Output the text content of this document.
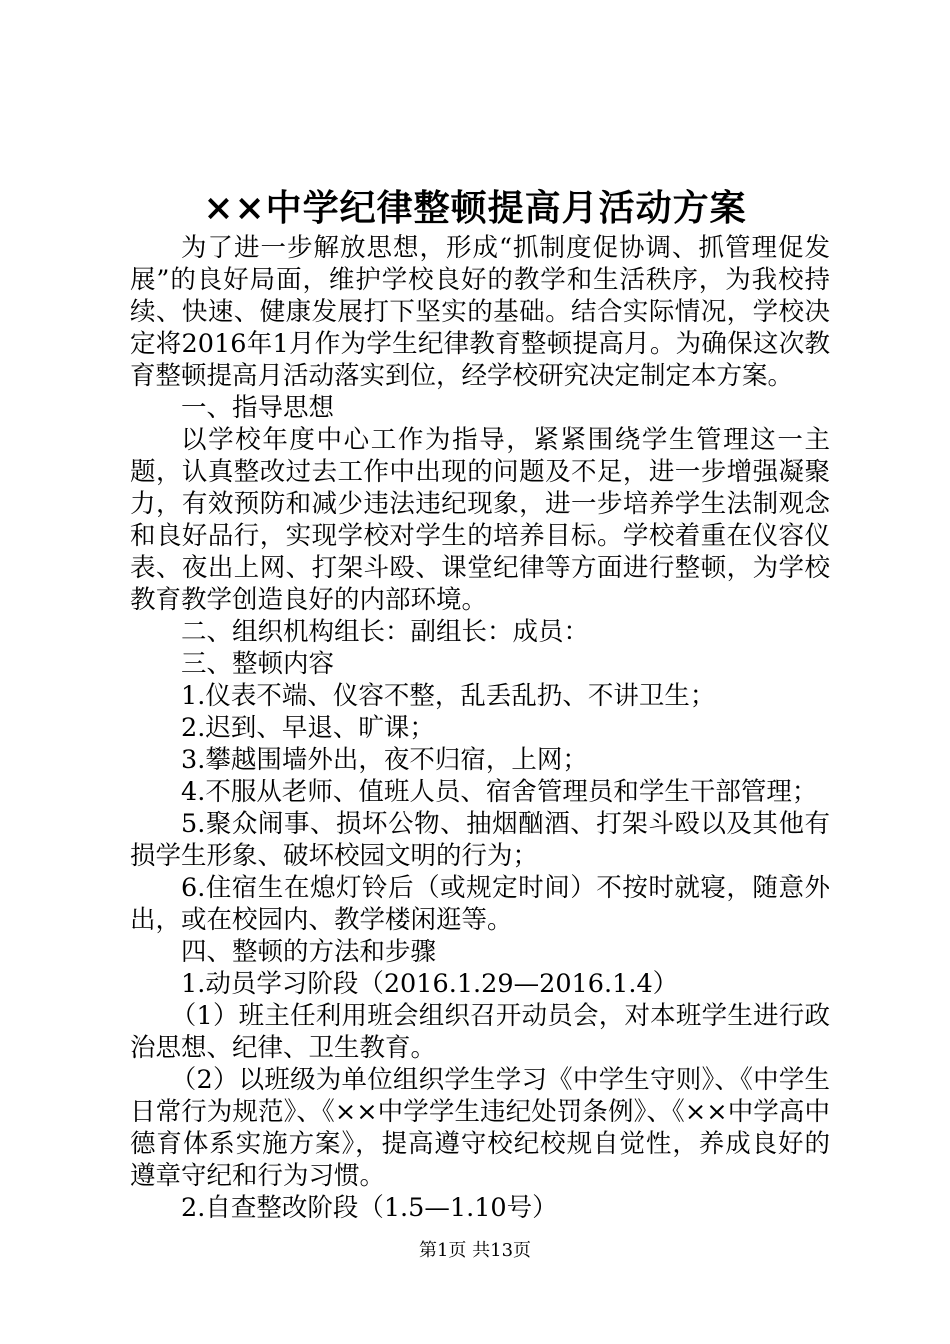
××中学纪律整顿提高月活动方案

为了进一步解放思想，形成“抓制度促协调、抓管理促发展”的良好局面，维护学校良好的教学和生活秩序，为我校持续、快速、健康发展打下坚实的基础。结合实际情况，学校决定将2016年1月作为学生纪律教育整顿提高月。为确保这次教育整顿提高月活动落实到位，经学校研究决定制定本方案。

一、指导思想

以学校年度中心工作为指导，紧紧围绕学生管理这一主题，认真整改过去工作中出现的问题及不足，进一步增强凝聚力，有效预防和减少违法违纪现象，进一步培养学生法制观念和良好品行，实现学校对学生的培养目标。学校着重在仪容仪表、夜出上网、打架斗殴、课堂纪律等方面进行整顿，为学校教育教学创造良好的内部环境。

二、组织机构组长：副组长：成员：

三、整顿内容

1.仪表不端、仪容不整，乱丢乱扔、不讲卫生；

2.迟到、早退、旷课；

3.攀越围墙外出，夜不归宿，上网；

4.不服从老师、值班人员、宿舍管理员和学生干部管理；

5.聚众闹事、损坏公物、抽烟酗酒、打架斗殴以及其他有损学生形象、破坏校园文明的行为；

6.住宿生在熄灯铃后（或规定时间）不按时就寝，随意外出，或在校园内、教学楼闲逛等。

四、整顿的方法和步骤

1.动员学习阶段（2016.1.29—2016.1.4）

（1）班主任利用班会组织召开动员会，对本班学生进行政治思想、纪律、卫生教育。

（2）以班级为单位组织学生学习《中学生守则》、《中学生日常行为规范》、《××中学学生违纪处罚条例》、《××中学高中德育体系实施方案》，提高遵守校纪校规自觉性，养成良好的遵章守纪和行为习惯。

2.自查整改阶段（1.5—1.10号）

第1页 共13页
